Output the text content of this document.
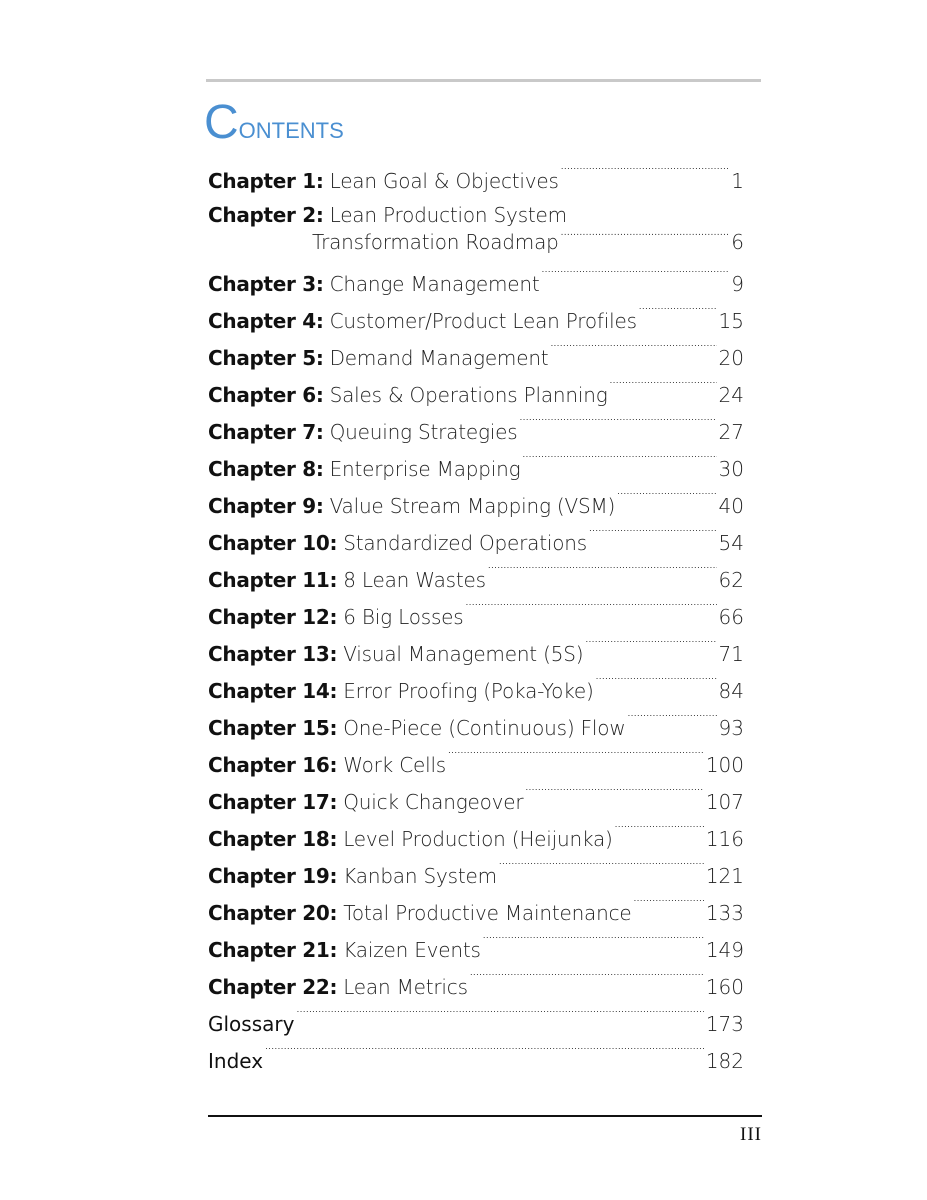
Contents
Chapter 1: Lean Goal & Objectives . . .	1
Chapter 2: Lean Production System
Transformation Roadmap . . .	6
Chapter 3: Change Management . . .	9
Chapter 4: Customer/Product Lean Profiles . . .	15
Chapter 5: Demand Management . . .	20
Chapter 6: Sales & Operations Planning . . .	24
Chapter 7: Queuing Strategies . . .	27
Chapter 8: Enterprise Mapping . . .	30
Chapter 9: Value Stream Mapping (VSM) . . .	40
Chapter 10: Standardized Operations . . .	54
Chapter 11: 8 Lean Wastes . . .	62
Chapter 12: 6 Big Losses . . .	66
Chapter 13: Visual Management (5S) . . .	71
Chapter 14: Error Proofing (Poka-Yoke) . . .	84
Chapter 15: One-Piece (Continuous) Flow . . .	93
Chapter 16: Work Cells . . .	100
Chapter 17: Quick Changeover . . .	107
Chapter 18: Level Production (Heijunka) . . .	116
Chapter 19: Kanban System . . .	121
Chapter 20: Total Productive Maintenance . . .	133
Chapter 21: Kaizen Events . . .	149
Chapter 22: Lean Metrics . . .	160
Glossary . . .	173
Index . . .	182
III
